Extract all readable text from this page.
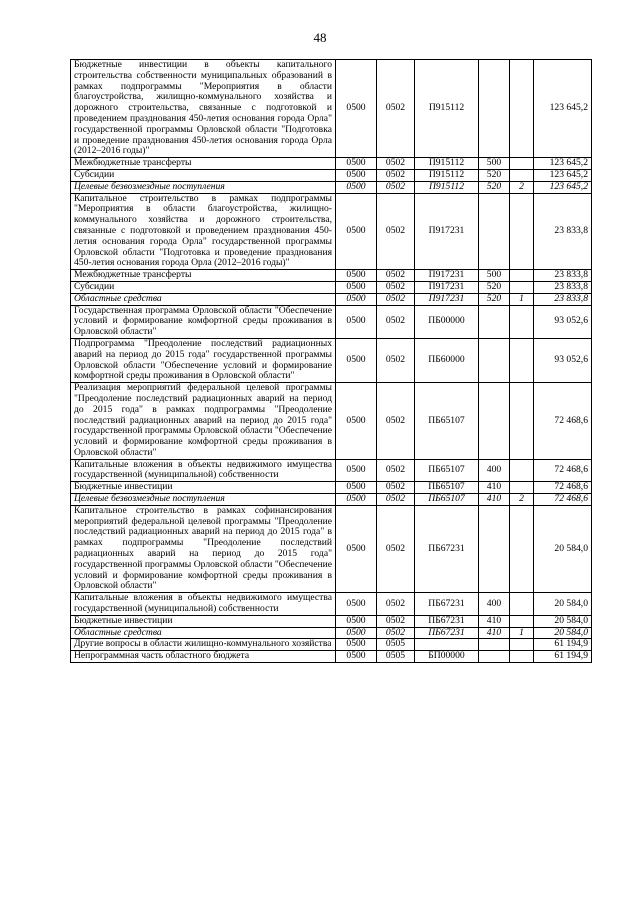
48
Бюджетные инвестиции в объекты капитального строительства собственности муниципальных образований в рамках подпрограммы "Мероприятия в области благоустройства, жилищно-коммунального хозяйства и дорожного строительства, связанные с подготовкой и проведением празднования 450-летия основания города Орла" государственной программы Орловской области "Подготовка и проведение празднования 450-летия основания города Орла (2012–2016 годы)"	0500	0502	П915112			123 645,2
Межбюджетные трансферты	0500	0502	П915112	500		123 645,2
Субсидии	0500	0502	П915112	520		123 645,2
Целевые безвозмездные поступления	0500	0502	П915112	520	2	123 645,2
Капитальное строительство в рамках подпрограммы "Мероприятия в области благоустройства, жилищно-коммунального хозяйства и дорожного строительства, связанные с подготовкой и проведением празднования 450-летия основания города Орла" государственной программы Орловской области "Подготовка и проведение празднования 450-летия основания города Орла (2012–2016 годы)"	0500	0502	П917231			23 833,8
Межбюджетные трансферты	0500	0502	П917231	500		23 833,8
Субсидии	0500	0502	П917231	520		23 833,8
Областные средства	0500	0502	П917231	520	1	23 833,8
Государственная программа Орловской области "Обеспечение условий и формирование комфортной среды проживания в Орловской области"	0500	0502	ПБ00000			93 052,6
Подпрограмма "Преодоление последствий радиационных аварий на период до 2015 года" государственной программы Орловской области "Обеспечение условий и формирование комфортной среды проживания в Орловской области"	0500	0502	ПБ60000			93 052,6
Реализация мероприятий федеральной целевой программы "Преодоление последствий радиационных аварий на период до 2015 года" в рамках подпрограммы "Преодоление последствий радиационных аварий на период до 2015 года" государственной программы Орловской области "Обеспечение условий и формирование комфортной среды проживания в Орловской области"	0500	0502	ПБ65107			72 468,6
Капитальные вложения в объекты недвижимого имущества государственной (муниципальной) собственности	0500	0502	ПБ65107	400		72 468,6
Бюджетные инвестиции	0500	0502	ПБ65107	410		72 468,6
Целевые безвозмездные поступления	0500	0502	ПБ65107	410	2	72 468,6
Капитальное строительство в рамках софинансирования мероприятий федеральной целевой программы "Преодоление последствий радиационных аварий на период до 2015 года" в рамках подпрограммы "Преодоление последствий радиационных аварий на период до 2015 года" государственной программы Орловской области "Обеспечение условий и формирование комфортной среды проживания в Орловской области"	0500	0502	ПБ67231			20 584,0
Капитальные вложения в объекты недвижимого имущества государственной (муниципальной) собственности	0500	0502	ПБ67231	400		20 584,0
Бюджетные инвестиции	0500	0502	ПБ67231	410		20 584,0
Областные средства	0500	0502	ПБ67231	410	1	20 584,0
Другие вопросы в области жилищно-коммунального хозяйства	0500	0505				61 194,9
Непрограммная часть областного бюджета	0500	0505	БП00000			61 194,9
